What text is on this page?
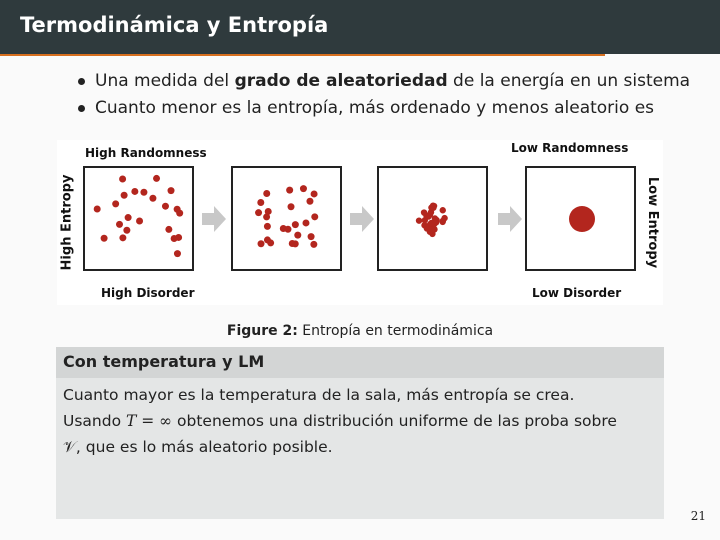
Termodinámica y Entropía
Una medida del grado de aleatoriedad de la energía en un sistema
Cuanto menor es la entropía, más ordenado y menos aleatorio es
High Randomness	Low Randomness
High Entropy	Low Entropy
High Disorder	Low Disorder
Figure 2: Entropía en termodinámica
Con temperatura y LM
Cuanto mayor es la temperatura de la sala, más entropía se crea.
Usando T = ∞ obtenemos una distribución uniforme de las proba sobre
𝒱, que es lo más aleatorio posible.
21
